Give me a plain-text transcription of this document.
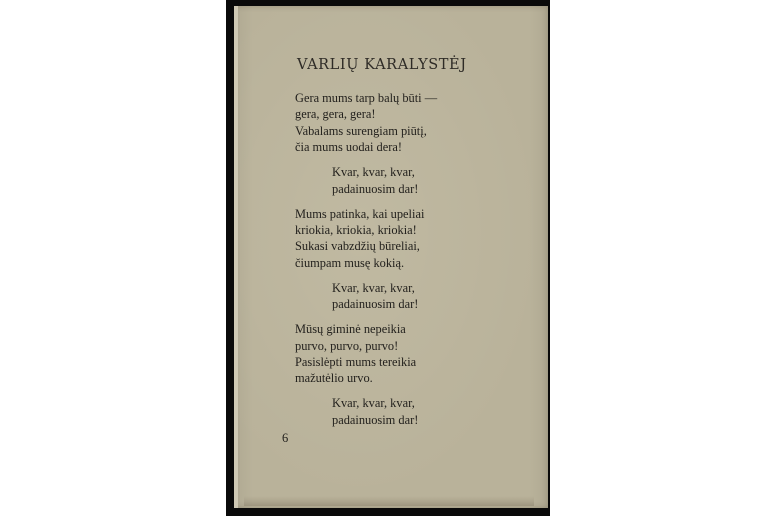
VARLIŲ KARALYSTĖJ
Gera mums tarp balų būti —
gera, gera, gera!
Vabalams surengiam piūtį,
čia mums uodai dera!
Kvar, kvar, kvar,
padainuosim dar!
Mums patinka, kai upeliai
kriokia, kriokia, kriokia!
Sukasi vabzdžių būreliai,
čiumpam musę kokią.
Kvar, kvar, kvar,
padainuosim dar!
Mūsų giminė nepeikia
purvo, purvo, purvo!
Pasislėpti mums tereikia
mažutėlio urvo.
Kvar, kvar, kvar,
padainuosim dar!
6
